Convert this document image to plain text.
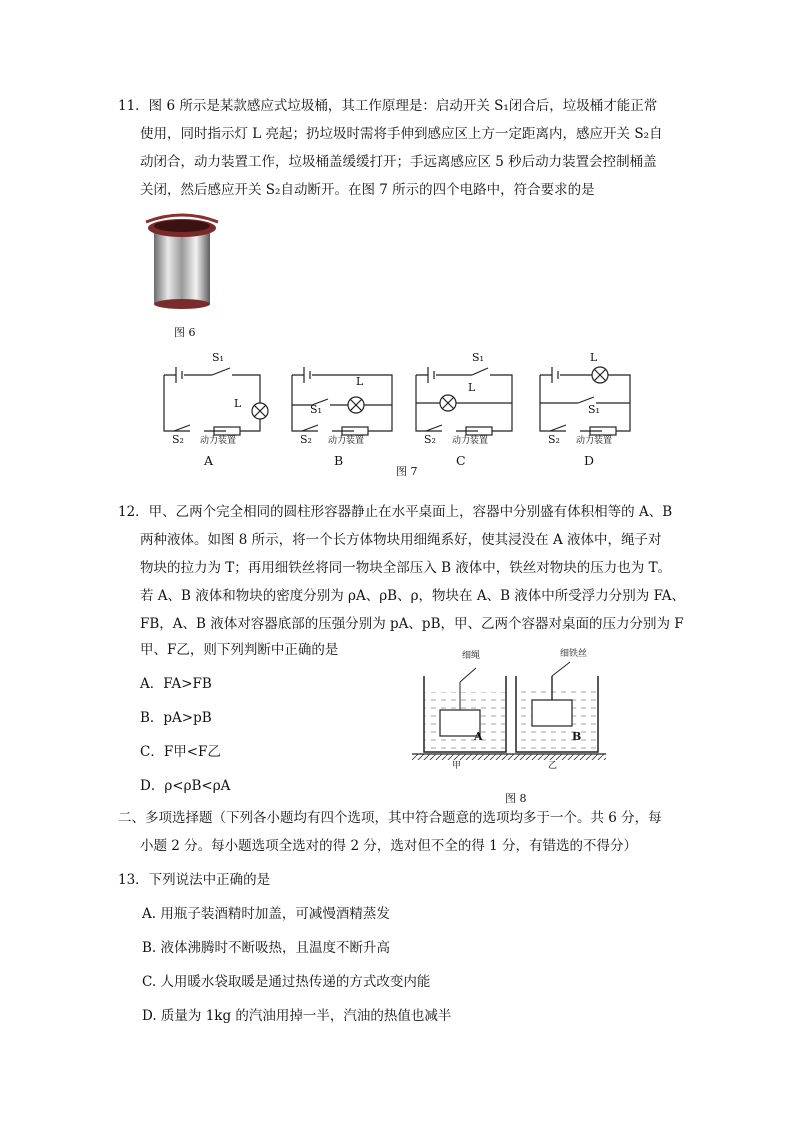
11．图 6 所示是某款感应式垃圾桶，其工作原理是：启动开关 S₁闭合后，垃圾桶才能正常
使用，同时指示灯 L 亮起；扔垃圾时需将手伸到感应区上方一定距离内，感应开关 S₂自
动闭合，动力装置工作，垃圾桶盖缓缓打开；手远离感应区 5 秒后动力装置会控制桶盖
关闭，然后感应开关 S₂自动断开。在图 7 所示的四个电路中，符合要求的是
图 6
S₁
L
S₂ 动力装置
L
S₁
S₂ 动力装置
S₁
L
S₂ 动力装置
L
S₁
S₂ 动力装置
A	B	C	D
图 7
12．甲、乙两个完全相同的圆柱形容器静止在水平桌面上，容器中分别盛有体积相等的 A、B
两种液体。如图 8 所示，将一个长方体物块用细绳系好，使其浸没在 A 液体中，绳子对
物块的拉力为 T；再用细铁丝将同一物块全部压入 B 液体中，铁丝对物块的压力也为 T。
若 A、B 液体和物块的密度分别为 ρA、ρB、ρ，物块在 A、B 液体中所受浮力分别为 FA、
FB，A、B 液体对容器底部的压强分别为 pA、pB，甲、乙两个容器对桌面的压力分别为 F
甲、F乙，则下列判断中正确的是
A．FA>FB
B．pA>pB
C．F甲<F乙
D．ρ<ρB<ρA
细绳	细铁丝
甲	乙
A	B
图 8
二、多项选择题（下列各小题均有四个选项，其中符合题意的选项均多于一个。共 6 分，每
小题 2 分。每小题选项全选对的得 2 分，选对但不全的得 1 分，有错选的不得分）
13．下列说法中正确的是
A. 用瓶子装酒精时加盖，可减慢酒精蒸发
B. 液体沸腾时不断吸热，且温度不断升高
C. 人用暖水袋取暖是通过热传递的方式改变内能
D. 质量为 1kg 的汽油用掉一半，汽油的热值也减半
